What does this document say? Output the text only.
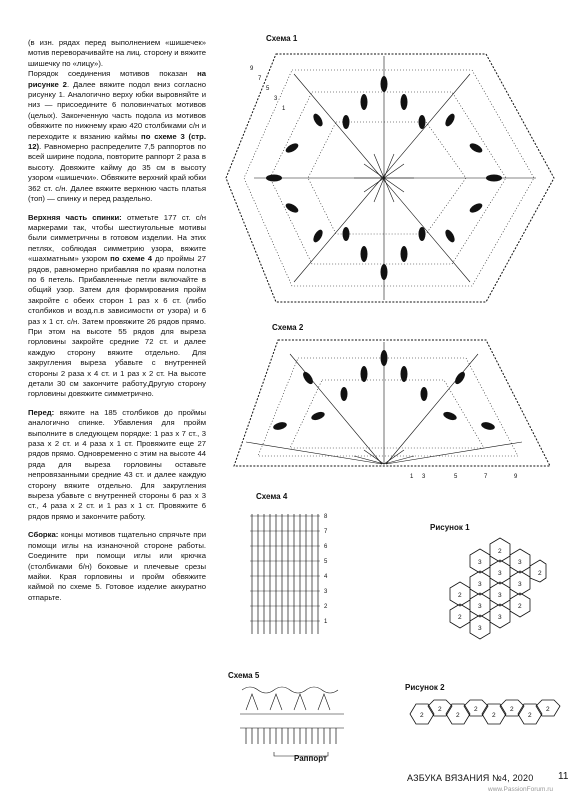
(в изн. рядах перед выполнением «шишечек» мотив переворачивайте на лиц. сторону и вяжите шишечку по «лицу»).

Порядок соединения мотивов показан на рисунке 2. Далее вяжите подол вниз согласно рисунку 1. Аналогично верху юбки выровняйте и низ — присоедините 6 половинчатых мотивов (целых). Законченную часть подола из мотивов обвяжите по нижнему краю 420 столбиками с/н и переходите к вязанию каймы по схеме 3 (стр. 12). Равномерно распределите 7,5 раппортов по всей ширине подола, повторите раппорт 2 раза в высоту. Довяжите кайму до 35 см в высоту узором «шишечки». Обвяжите верхний край юбки 362 ст. с/н. Далее вяжите верхнюю часть платья (топ) — спинку и перед раздельно.

Верхняя часть спинки: отметьте 177 ст. с/н маркерами так, чтобы шестиугольные мотивы были симметричны в готовом изделии. На этих петлях, соблюдая симметрию узора, вяжите «шахматным» узором по схеме 4 до проймы 27 рядов, равномерно прибавляя по краям полотна по 6 петель. Прибавленные петли включайте в общий узор. Затем для формирования пройм закройте с обеих сторон 1 раз х 6 ст. (либо столбиков и возд.п.в зависимости от узора) и 6 раз х 1 ст. с/н. Затем провяжите 26 рядов прямо. При этом на высоте 55 рядов для выреза горловины закройте средние 72 ст. и далее каждую сторону вяжите отдельно. Для закругления выреза убавьте с внутренней стороны 2 раза х 4 ст. и 1 раз х 2 ст. На высоте детали 30 см закончите работу.Другую сторону горловины довяжите симметрично.

Перед: вяжите на 185 столбиков до проймы аналогично спинке. Убавления для пройм выполните в следующем порядке: 1 раз х 7 ст., 3 раза х 2 ст. и 4 раза х 1 ст. Провяжите еще 27 рядов прямо. Одновременно с этим на высоте 44 ряда для выреза горловины оставьте непровязанными средние 43 ст. и далее каждую сторону вяжите отдельно. Для закругления выреза убавьте с внутренней стороны 6 раз х 3 ст., 4 раза х 2 ст. и 1 раз х 1 ст. Провяжите 6 рядов прямо и закончите работу.

Сборка: концы мотивов тщательно спрячьте при помощи иглы на изнаночной стороне работы. Соедините при помощи иглы или крючка (столбиками б/н) боковые и плечевые срезы майки. Края горловины и пройм обвяжите каймой по схеме 5. Готовое изделие аккуратно отпарьте.

Схема 1
Схема 2
Схема 4
Схема 5
Рисунок 1
Рисунок 2
9
7
5
3
1
1 3	5	7	9
8
7
6
5
4
3
2
1
Раппорт
2
3
3
3
2	3
3
2	3
3
3
2
3
2
2
2
2
2
2
2
2
2
АЗБУКА ВЯЗАНИЯ №4, 2020 11
www.PassionForum.ru
